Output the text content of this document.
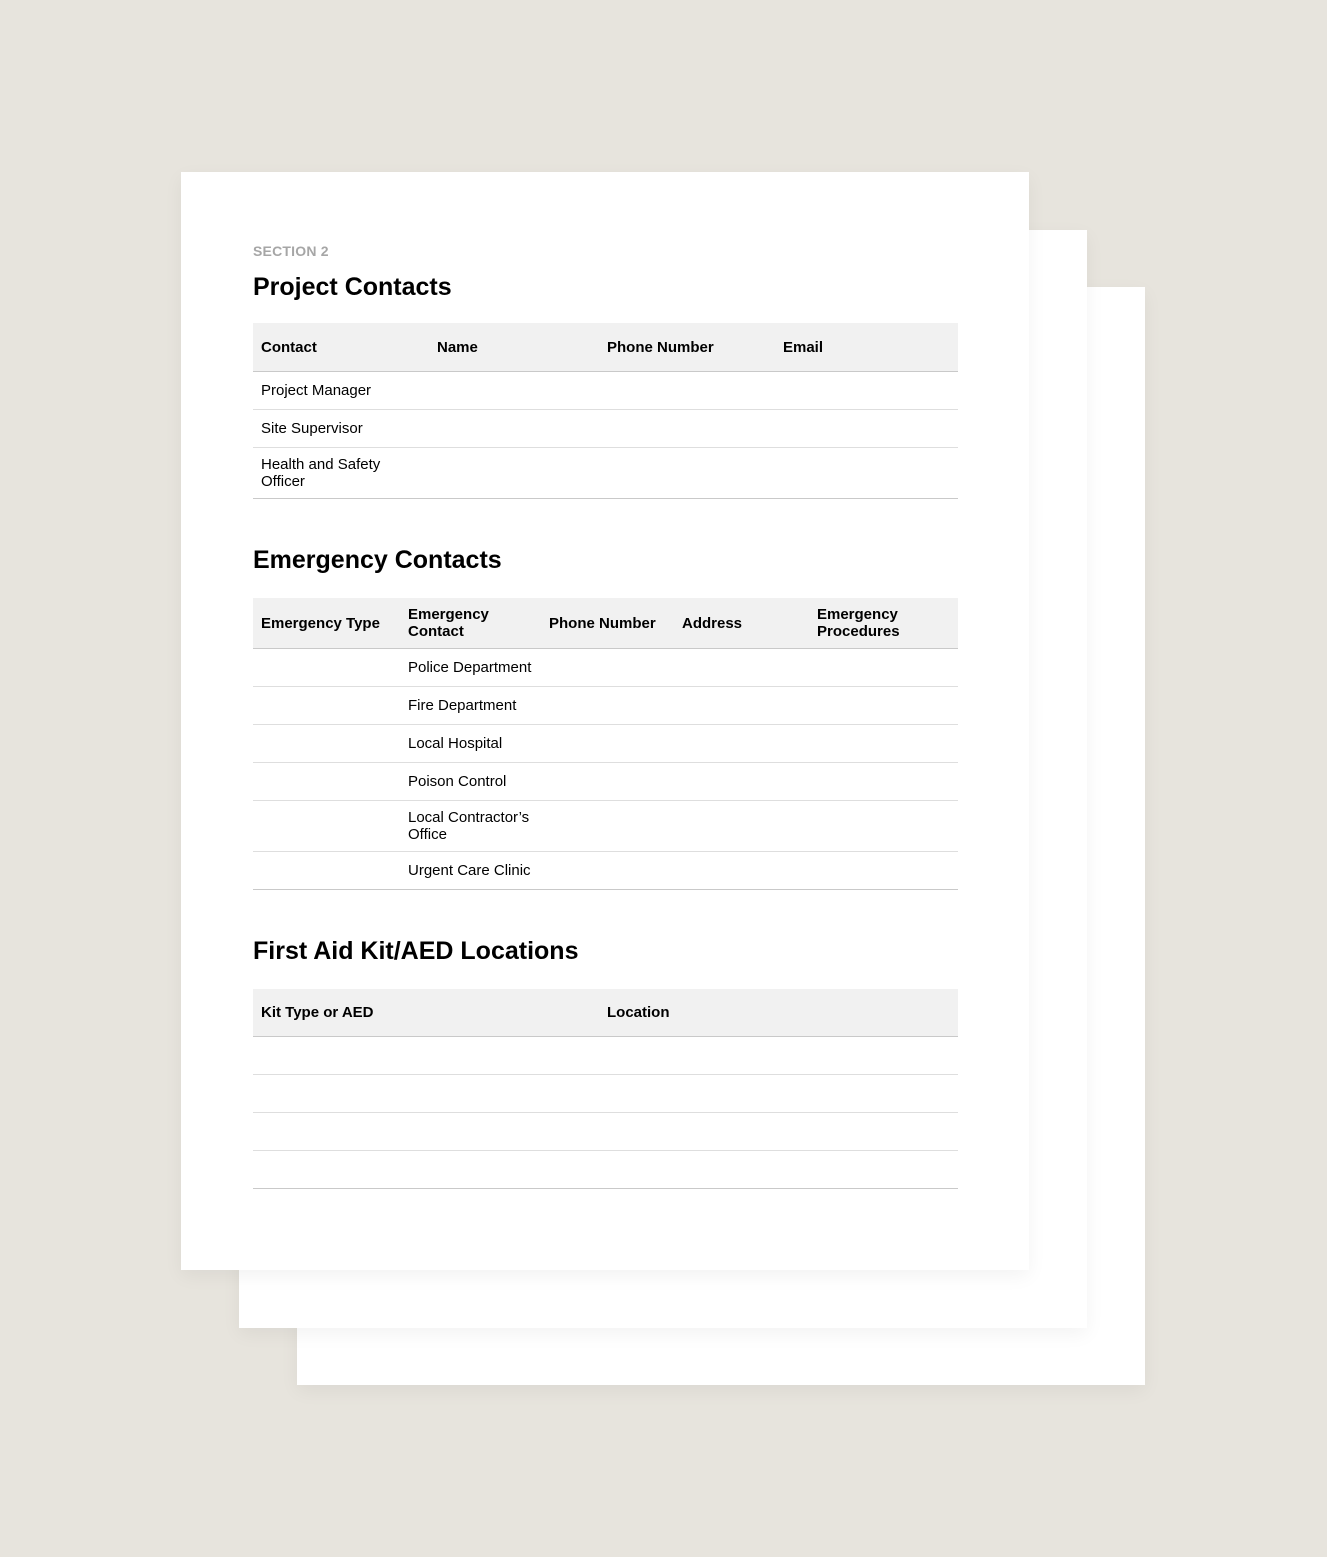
SECTION 2

Project Contacts
Contact	Name	Phone Number	Email
Project Manager			
Site Supervisor			
Health and Safety Officer			
Emergency Contacts
Emergency Type	Emergency Contact	Phone Number	Address	Emergency Procedures
	Police Department			
	Fire Department			
	Local Hospital			
	Poison Control			
	Local Contractor’s Office			
	Urgent Care Clinic			
First Aid Kit/AED Locations
Kit Type or AED	Location
